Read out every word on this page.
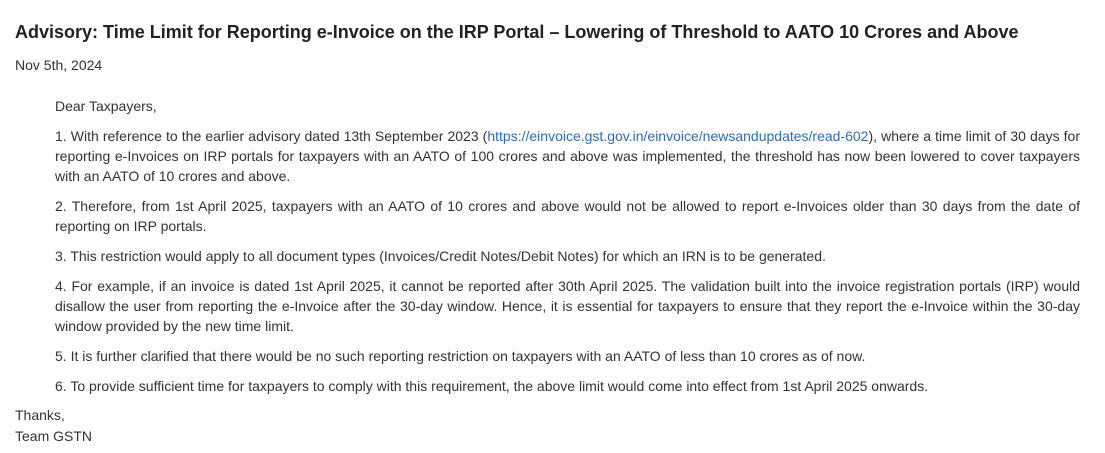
Advisory: Time Limit for Reporting e-Invoice on the IRP Portal – Lowering of Threshold to AATO 10 Crores and Above
Nov 5th, 2024

Dear Taxpayers,

1. With reference to the earlier advisory dated 13th September 2023 (https://einvoice.gst.gov.in/einvoice/newsandupdates/read-602), where a time limit of 30 days for reporting e-Invoices on IRP portals for taxpayers with an AATO of 100 crores and above was implemented, the threshold has now been lowered to cover taxpayers with an AATO of 10 crores and above.

2. Therefore, from 1st April 2025, taxpayers with an AATO of 10 crores and above would not be allowed to report e-Invoices older than 30 days from the date of reporting on IRP portals.

3. This restriction would apply to all document types (Invoices/Credit Notes/Debit Notes) for which an IRN is to be generated.

4. For example, if an invoice is dated 1st April 2025, it cannot be reported after 30th April 2025. The validation built into the invoice registration portals (IRP) would disallow the user from reporting the e-Invoice after the 30-day window. Hence, it is essential for taxpayers to ensure that they report the e-Invoice within the 30-day window provided by the new time limit.

5. It is further clarified that there would be no such reporting restriction on taxpayers with an AATO of less than 10 crores as of now.

6. To provide sufficient time for taxpayers to comply with this requirement, the above limit would come into effect from 1st April 2025 onwards.

Thanks,
Team GSTN
